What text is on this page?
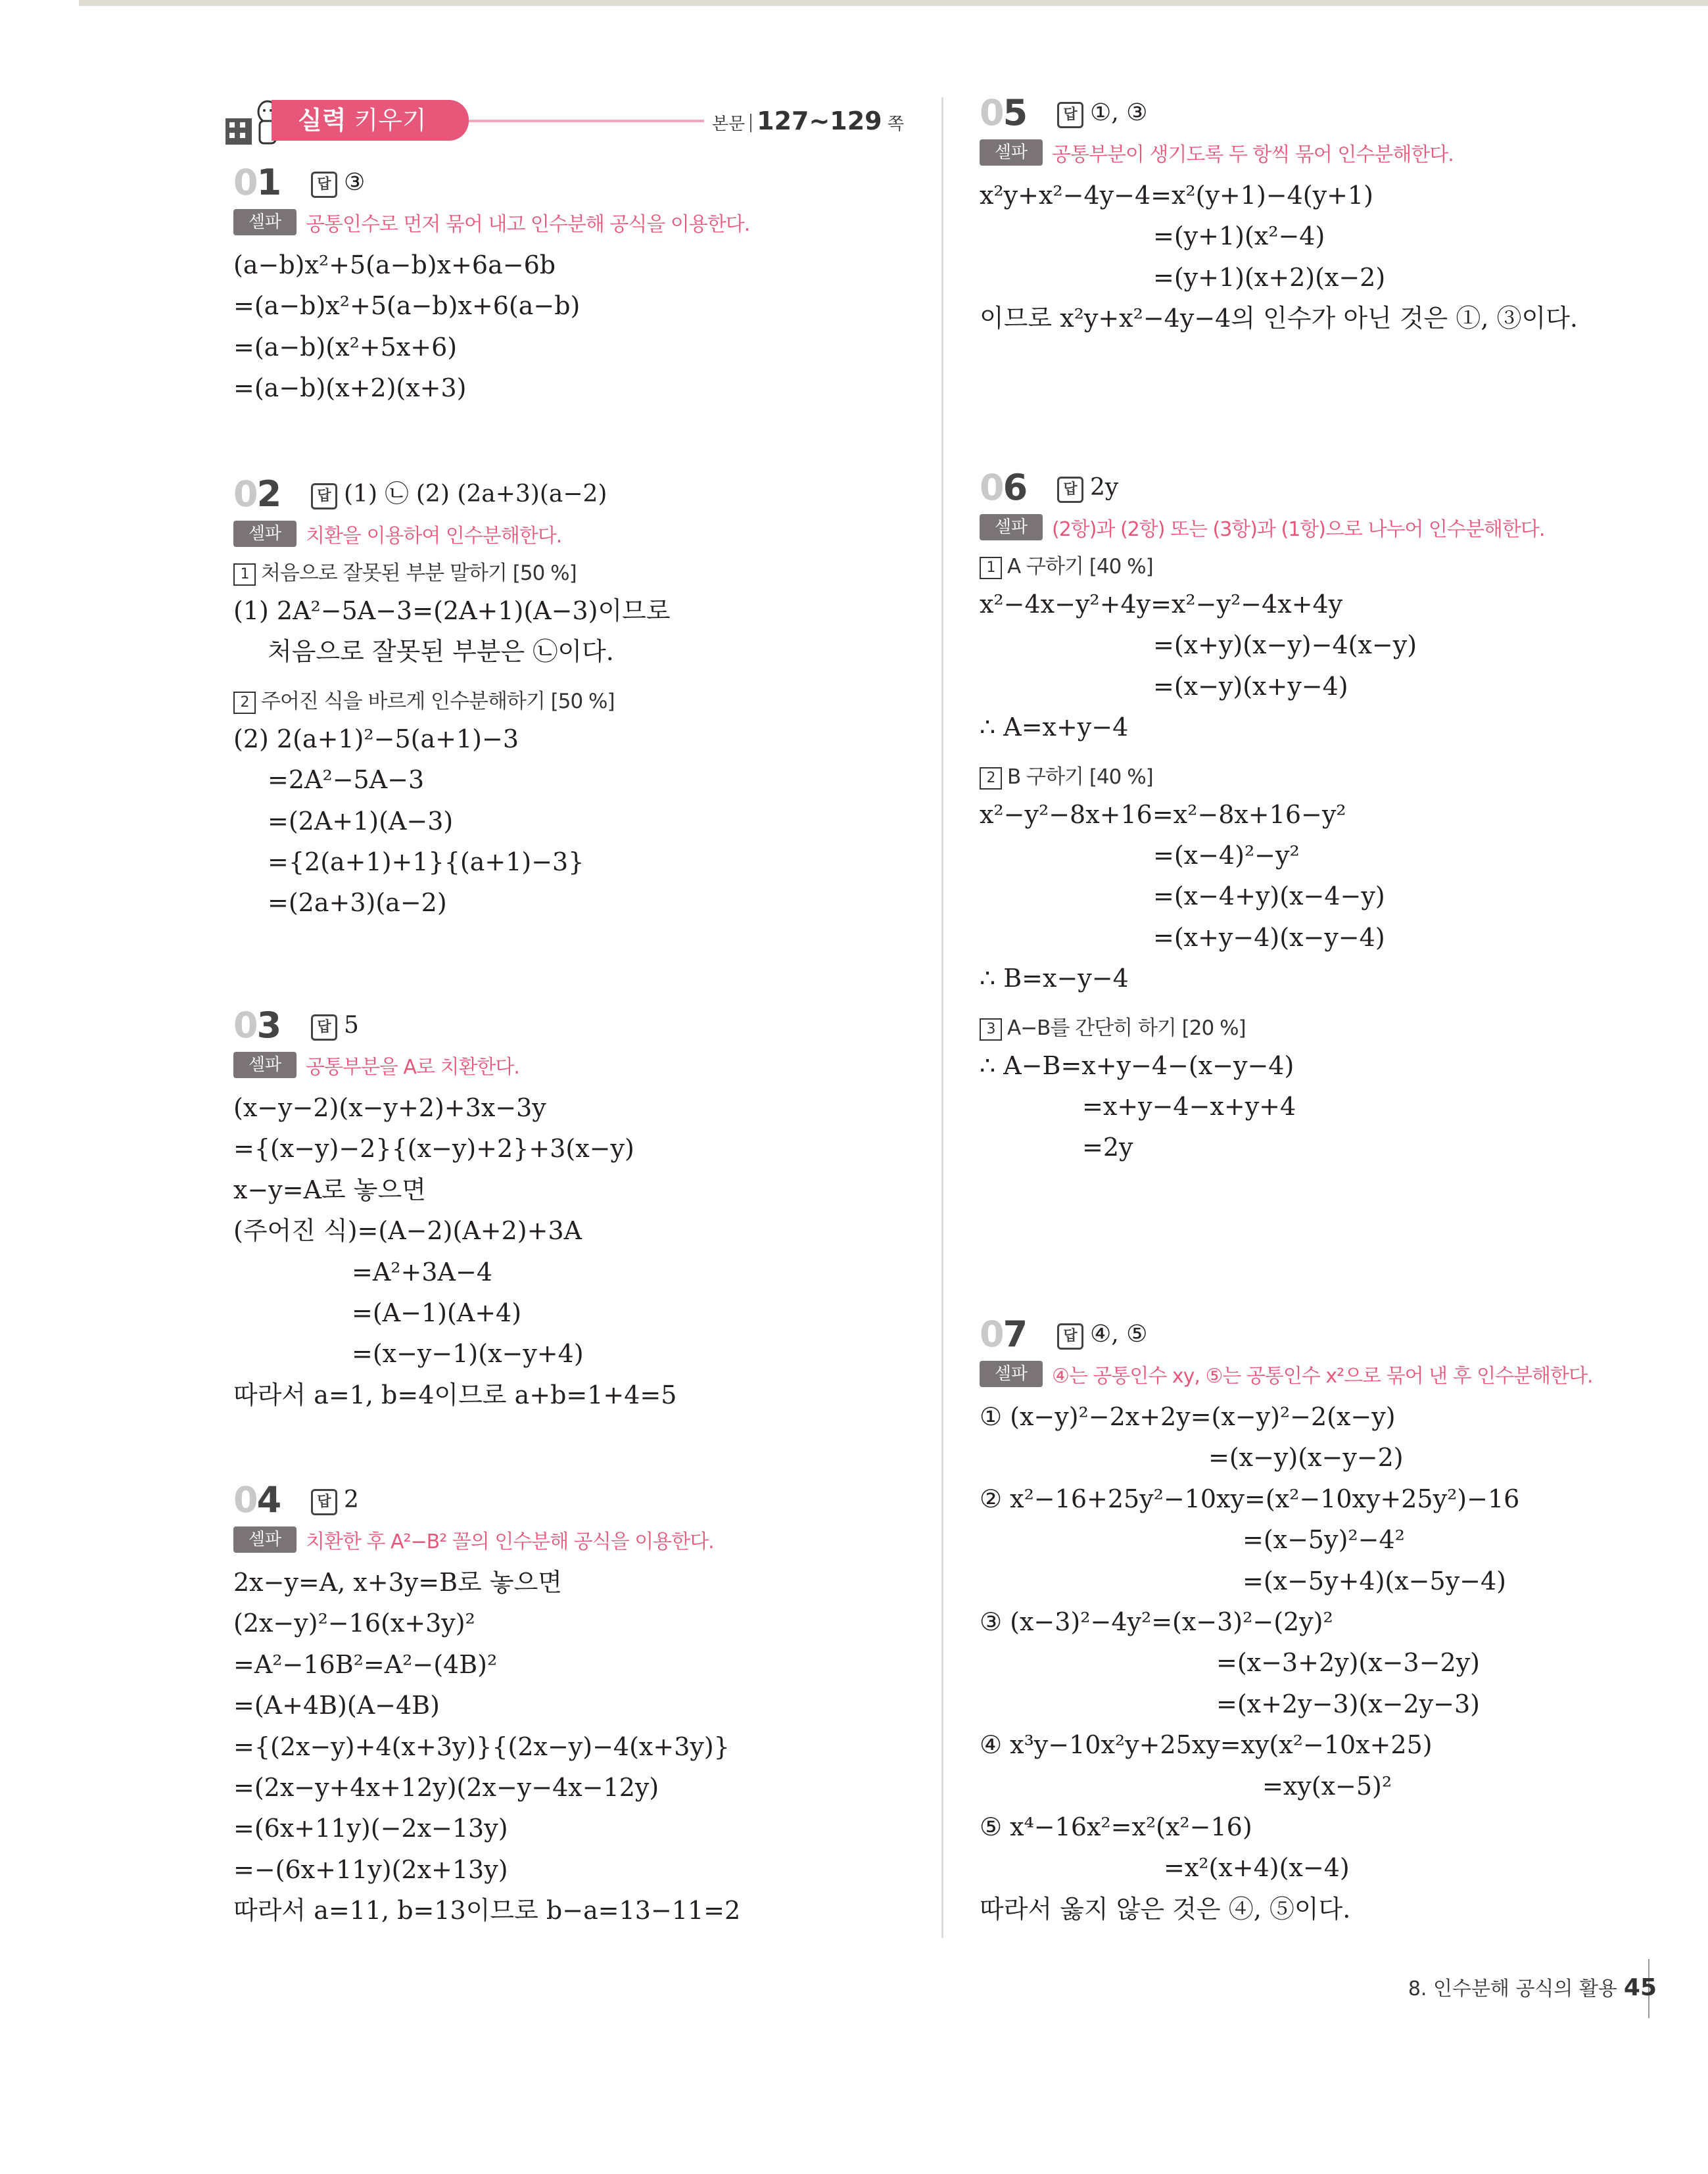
실력 키우기	본문 127~129 쪽
01	답 ③
셀파 공통인수로 먼저 묶어 내고 인수분해 공식을 이용한다.
(a−b)x²+5(a−b)x+6a−6b
=(a−b)x²+5(a−b)x+6(a−b)
=(a−b)(x²+5x+6)
=(a−b)(x+2)(x+3)
02	답 (1) ㉡ (2) (2a+3)(a−2)
셀파 치환을 이용하여 인수분해한다.
1 처음으로 잘못된 부분 말하기 [50 %]
(1) 2A²−5A−3=(2A+1)(A−3)이므로
처음으로 잘못된 부분은 ㉡이다.
2 주어진 식을 바르게 인수분해하기 [50 %]
(2) 2(a+1)²−5(a+1)−3
=2A²−5A−3
=(2A+1)(A−3)
={2(a+1)+1}{(a+1)−3}
=(2a+3)(a−2)
03	답 5
셀파 공통부분을 A로 치환한다.
(x−y−2)(x−y+2)+3x−3y
={(x−y)−2}{(x−y)+2}+3(x−y)
x−y=A로 놓으면
(주어진 식)=(A−2)(A+2)+3A
=A²+3A−4
=(A−1)(A+4)
=(x−y−1)(x−y+4)
따라서 a=1, b=4이므로 a+b=1+4=5
04	답 2
셀파 치환한 후 A²−B² 꼴의 인수분해 공식을 이용한다.
2x−y=A, x+3y=B로 놓으면
(2x−y)²−16(x+3y)²
=A²−16B²=A²−(4B)²
=(A+4B)(A−4B)
={(2x−y)+4(x+3y)}{(2x−y)−4(x+3y)}
=(2x−y+4x+12y)(2x−y−4x−12y)
=(6x+11y)(−2x−13y)
=−(6x+11y)(2x+13y)
따라서 a=11, b=13이므로 b−a=13−11=2
05	답 ①, ③
셀파 공통부분이 생기도록 두 항씩 묶어 인수분해한다.
x²y+x²−4y−4=x²(y+1)−4(y+1)
=(y+1)(x²−4)
=(y+1)(x+2)(x−2)
이므로 x²y+x²−4y−4의 인수가 아닌 것은 ①, ③이다.
06	답 2y
셀파 (2항)과 (2항) 또는 (3항)과 (1항)으로 나누어 인수분해한다.
1 A 구하기 [40 %]
x²−4x−y²+4y=x²−y²−4x+4y
=(x+y)(x−y)−4(x−y)
=(x−y)(x+y−4)
∴ A=x+y−4
2 B 구하기 [40 %]
x²−y²−8x+16=x²−8x+16−y²
=(x−4)²−y²
=(x−4+y)(x−4−y)
=(x+y−4)(x−y−4)
∴ B=x−y−4
3 A−B를 간단히 하기 [20 %]
∴ A−B=x+y−4−(x−y−4)
=x+y−4−x+y+4
=2y
07	답 ④, ⑤
셀파 ④는 공통인수 xy, ⑤는 공통인수 x²으로 묶어 낸 후 인수분해한다.
① (x−y)²−2x+2y=(x−y)²−2(x−y)
=(x−y)(x−y−2)
② x²−16+25y²−10xy=(x²−10xy+25y²)−16
=(x−5y)²−4²
=(x−5y+4)(x−5y−4)
③ (x−3)²−4y²=(x−3)²−(2y)²
=(x−3+2y)(x−3−2y)
=(x+2y−3)(x−2y−3)
④ x³y−10x²y+25xy=xy(x²−10x+25)
=xy(x−5)²
⑤ x⁴−16x²=x²(x²−16)
=x²(x+4)(x−4)
따라서 옳지 않은 것은 ④, ⑤이다.
8. 인수분해 공식의 활용 45
